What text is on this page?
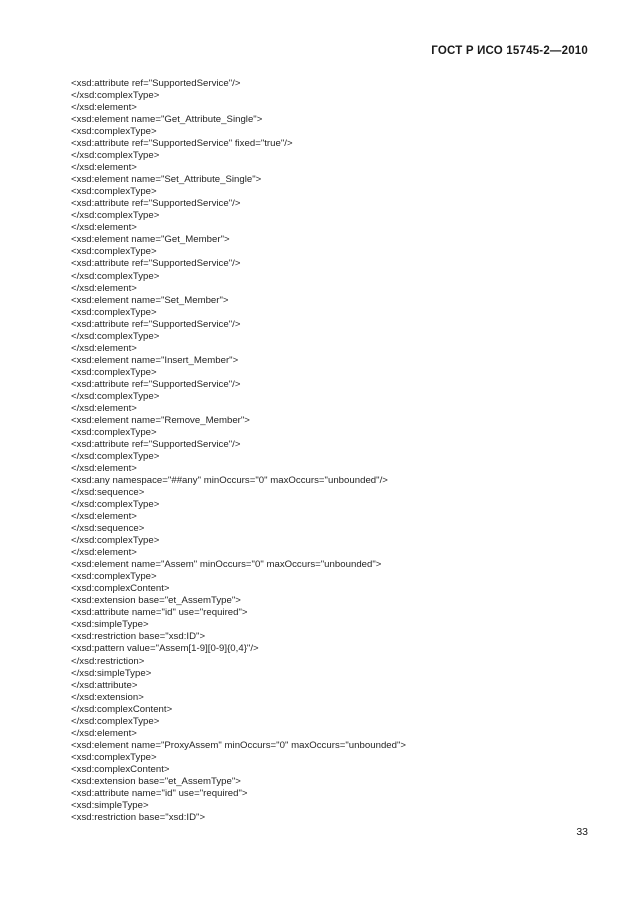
ГОСТ Р ИСО 15745-2—2010
<xsd:attribute ref="SupportedService"/>
</xsd:complexType>
</xsd:element>
<xsd:element name="Get_Attribute_Single">
<xsd:complexType>
<xsd:attribute ref="SupportedService" fixed="true"/>
</xsd:complexType>
</xsd:element>
<xsd:element name="Set_Attribute_Single">
<xsd:complexType>
<xsd:attribute ref="SupportedService"/>
</xsd:complexType>
</xsd:element>
<xsd:element name="Get_Member">
<xsd:complexType>
<xsd:attribute ref="SupportedService"/>
</xsd:complexType>
</xsd:element>
<xsd:element name="Set_Member">
<xsd:complexType>
<xsd:attribute ref="SupportedService"/>
</xsd:complexType>
</xsd:element>
<xsd:element name="Insert_Member">
<xsd:complexType>
<xsd:attribute ref="SupportedService"/>
</xsd:complexType>
</xsd:element>
<xsd:element name="Remove_Member">
<xsd:complexType>
<xsd:attribute ref="SupportedService"/>
</xsd:complexType>
</xsd:element>
<xsd:any namespace="##any" minOccurs="0" maxOccurs="unbounded"/>
</xsd:sequence>
</xsd:complexType>
</xsd:element>
</xsd:sequence>
</xsd:complexType>
</xsd:element>
<xsd:element name="Assem" minOccurs="0" maxOccurs="unbounded">
<xsd:complexType>
<xsd:complexContent>
<xsd:extension base="et_AssemType">
<xsd:attribute name="id" use="required">
<xsd:simpleType>
<xsd:restriction base="xsd:ID">
<xsd:pattern value="Assem[1-9][0-9]{0,4}"/>
</xsd:restriction>
</xsd:simpleType>
</xsd:attribute>
</xsd:extension>
</xsd:complexContent>
</xsd:complexType>
</xsd:element>
<xsd:element name="ProxyAssem" minOccurs="0" maxOccurs="unbounded">
<xsd:complexType>
<xsd:complexContent>
<xsd:extension base="et_AssemType">
<xsd:attribute name="id" use="required">
<xsd:simpleType>
<xsd:restriction base="xsd:ID">
33
